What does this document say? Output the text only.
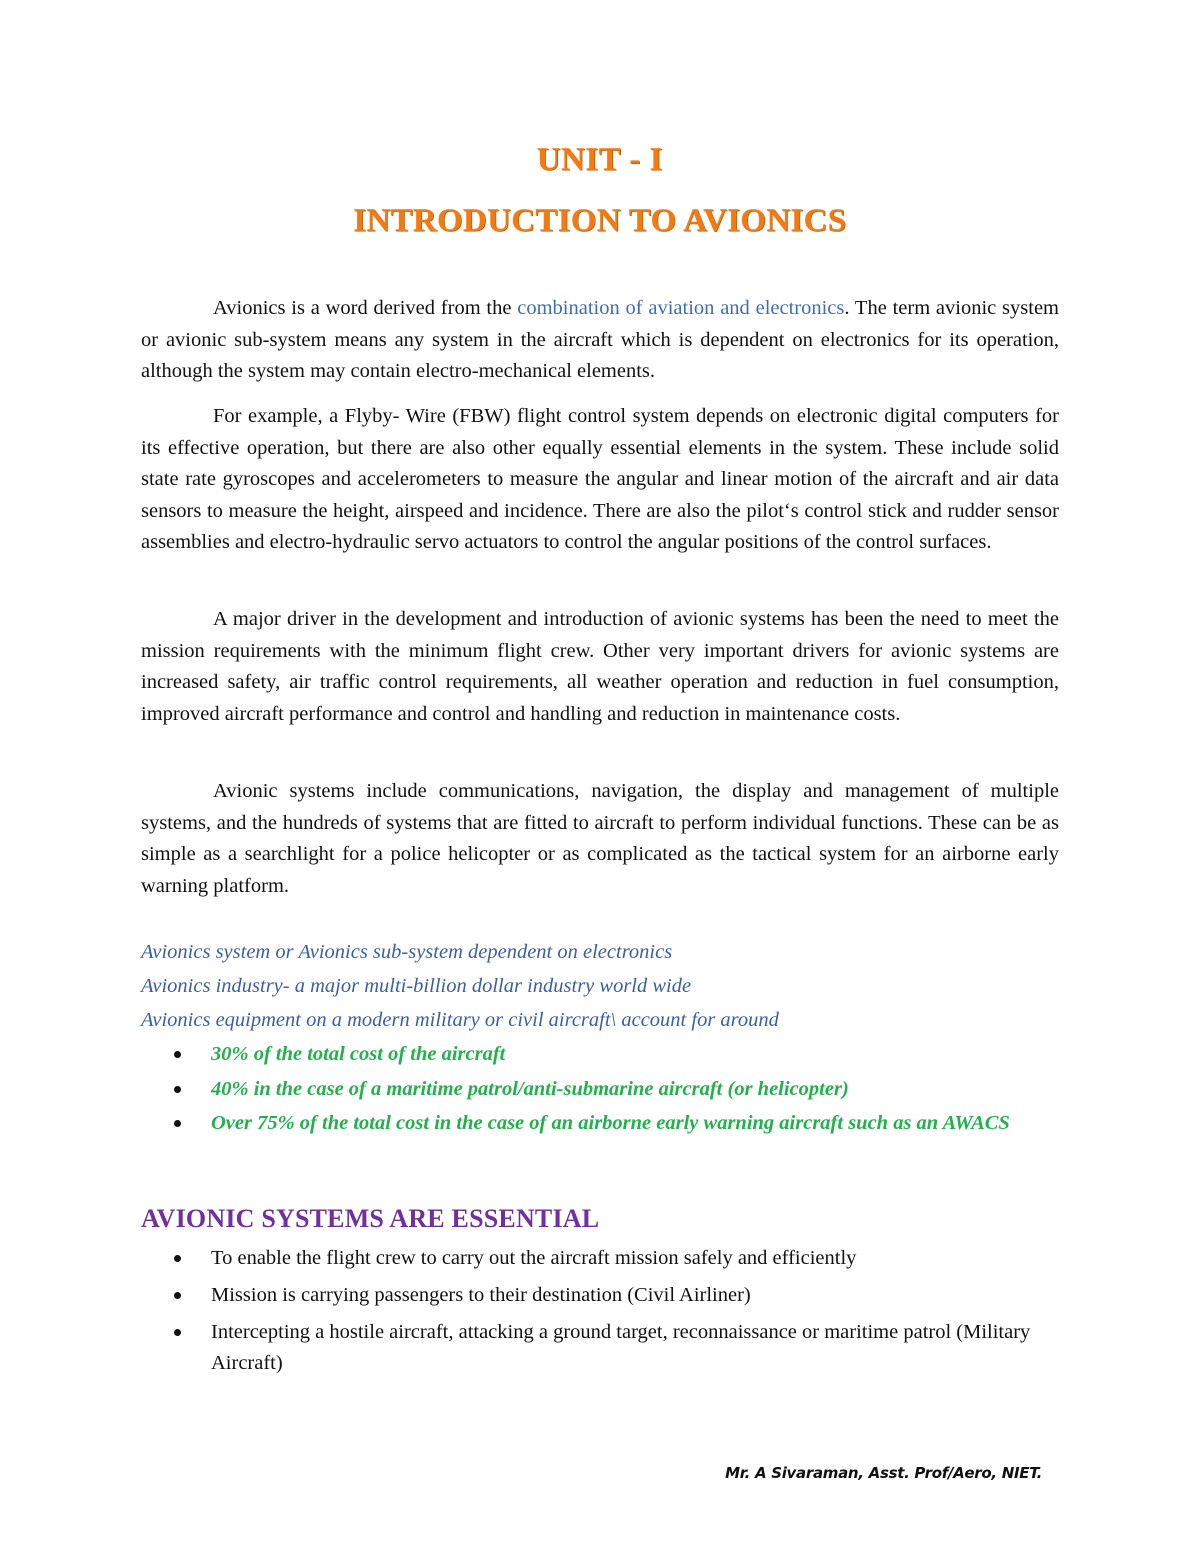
UNIT - I
INTRODUCTION TO AVIONICS

Avionics is a word derived from the combination of aviation and electronics. The term avionic system or avionic sub-system means any system in the aircraft which is dependent on electronics for its operation, although the system may contain electro-mechanical elements.

For example, a Flyby- Wire (FBW) flight control system depends on electronic digital computers for its effective operation, but there are also other equally essential elements in the system. These include solid state rate gyroscopes and accelerometers to measure the angular and linear motion of the aircraft and air data sensors to measure the height, airspeed and incidence. There are also the pilot‘s control stick and rudder sensor assemblies and electro-hydraulic servo actuators to control the angular positions of the control surfaces.

A major driver in the development and introduction of avionic systems has been the need to meet the mission requirements with the minimum flight crew. Other very important drivers for avionic systems are increased safety, air traffic control requirements, all weather operation and reduction in fuel consumption, improved aircraft performance and control and handling and reduction in maintenance costs.

Avionic systems include communications, navigation, the display and management of multiple systems, and the hundreds of systems that are fitted to aircraft to perform individual functions. These can be as simple as a searchlight for a police helicopter or as complicated as the tactical system for an airborne early warning platform.

Avionics system or Avionics sub-system dependent on electronics

Avionics industry- a major multi-billion dollar industry world wide

Avionics equipment on a modern military or civil aircraft\ account for around

30% of the total cost of the aircraft
40% in the case of a maritime patrol/anti-submarine aircraft (or helicopter)
Over 75% of the total cost in the case of an airborne early warning aircraft such as an AWACS
AVIONIC SYSTEMS ARE ESSENTIAL
To enable the flight crew to carry out the aircraft mission safely and efficiently
Mission is carrying passengers to their destination (Civil Airliner)
Intercepting a hostile aircraft, attacking a ground target, reconnaissance or maritime patrol (Military Aircraft)

Mr. A Sivaraman, Asst. Prof/Aero, NIET.
